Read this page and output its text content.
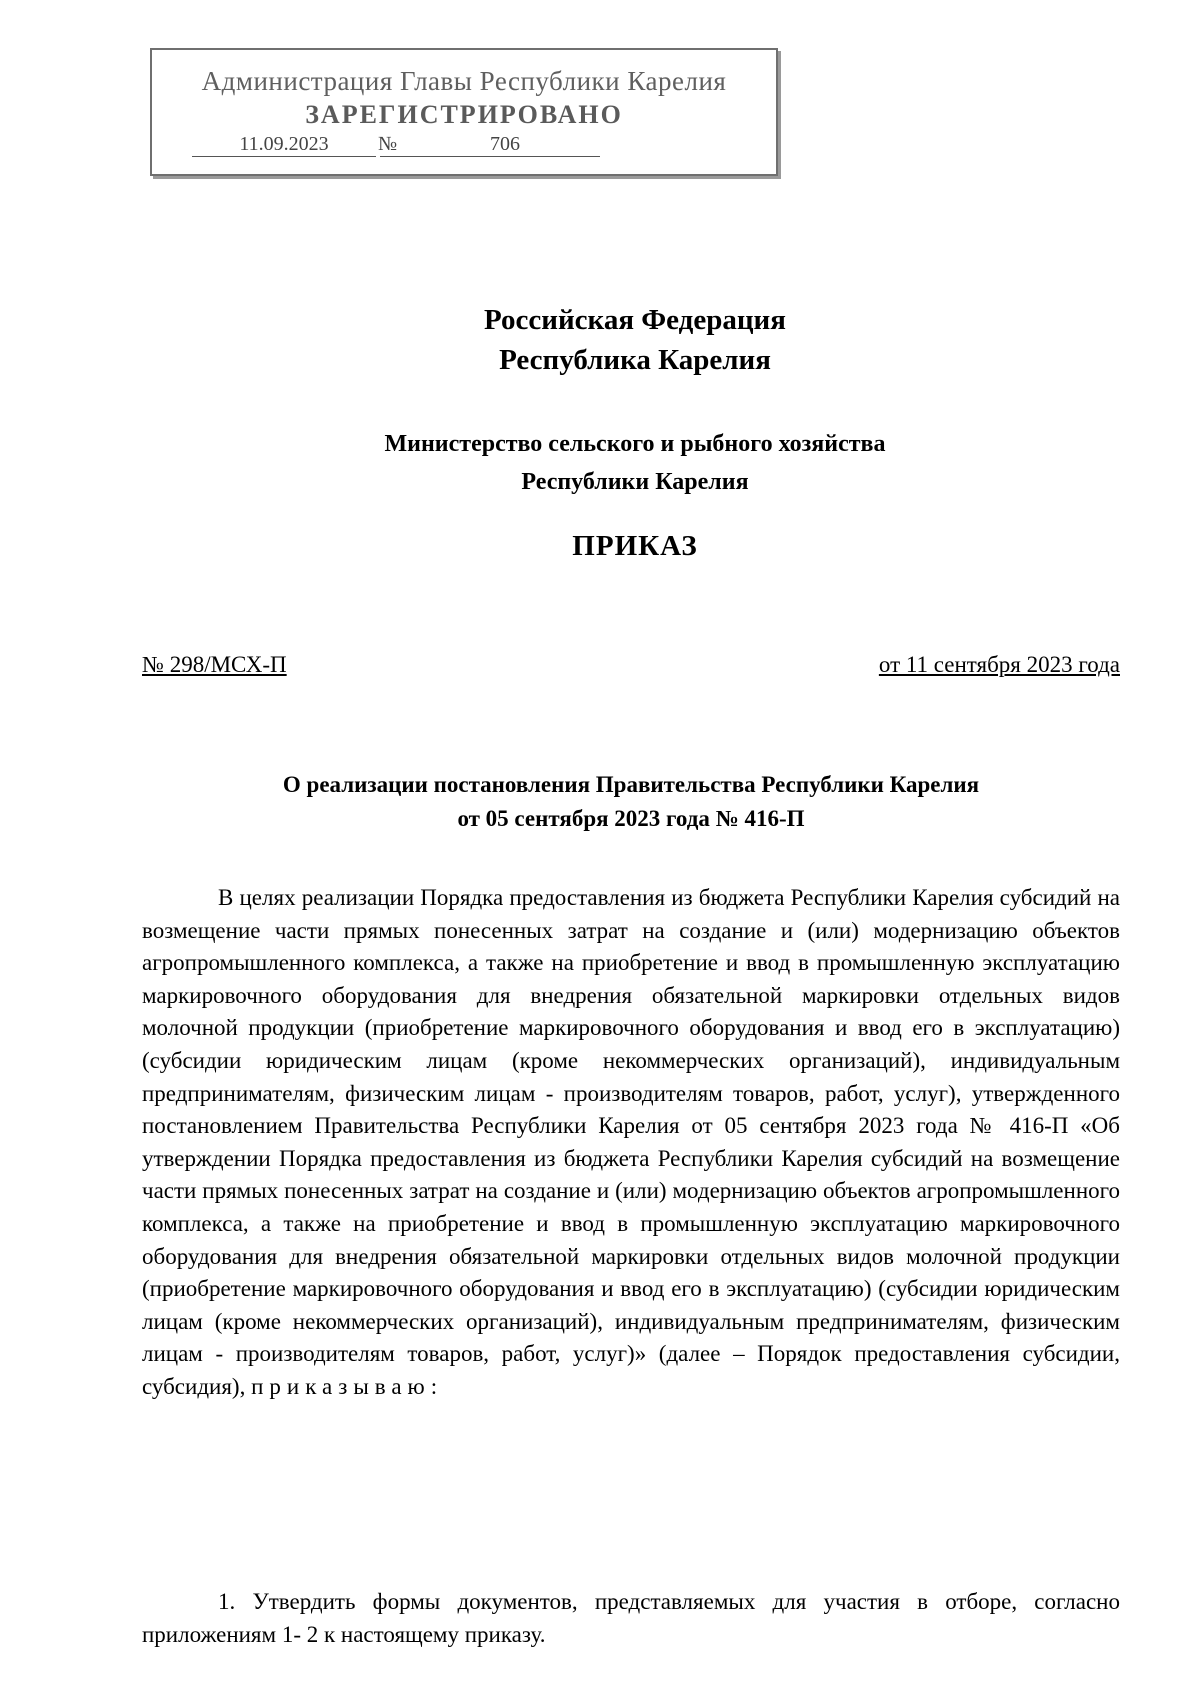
Администрация Главы Республики Карелия
ЗАРЕГИСТРИРОВАНО
11.09.2023	№	706
Российская Федерация
Республика Карелия
Министерство сельского и рыбного хозяйства
Республики Карелия
ПРИКАЗ
№ 298/МСХ-П	от 11 сентября 2023 года
О реализации постановления Правительства Республики Карелия
от 05 сентября 2023 года № 416-П
В целях реализации Порядка предоставления из бюджета Республики Карелия субсидий на возмещение части прямых понесенных затрат на создание и (или) модернизацию объектов агропромышленного комплекса, а также на приобретение и ввод в промышленную эксплуатацию маркировочного оборудования для внедрения обязательной маркировки отдельных видов молочной продукции (приобретение маркировочного оборудования и ввод его в эксплуатацию) (субсидии юридическим лицам (кроме некоммерческих организаций), индивидуальным предпринимателям, физическим лицам - производителям товаров, работ, услуг), утвержденного постановлением Правительства Республики Карелия от 05 сентября 2023 года № 416-П «Об утверждении Порядка предоставления из бюджета Республики Карелия субсидий на возмещение части прямых понесенных затрат на создание и (или) модернизацию объектов агропромышленного комплекса, а также на приобретение и ввод в промышленную эксплуатацию маркировочного оборудования для внедрения обязательной маркировки отдельных видов молочной продукции (приобретение маркировочного оборудования и ввод его в эксплуатацию) (субсидии юридическим лицам (кроме некоммерческих организаций), индивидуальным предпринимателям, физическим лицам - производителям товаров, работ, услуг)» (далее – Порядок предоставления субсидии, субсидия), приказываю:
1. Утвердить формы документов, представляемых для участия в отборе, согласно приложениям 1- 2 к настоящему приказу.
